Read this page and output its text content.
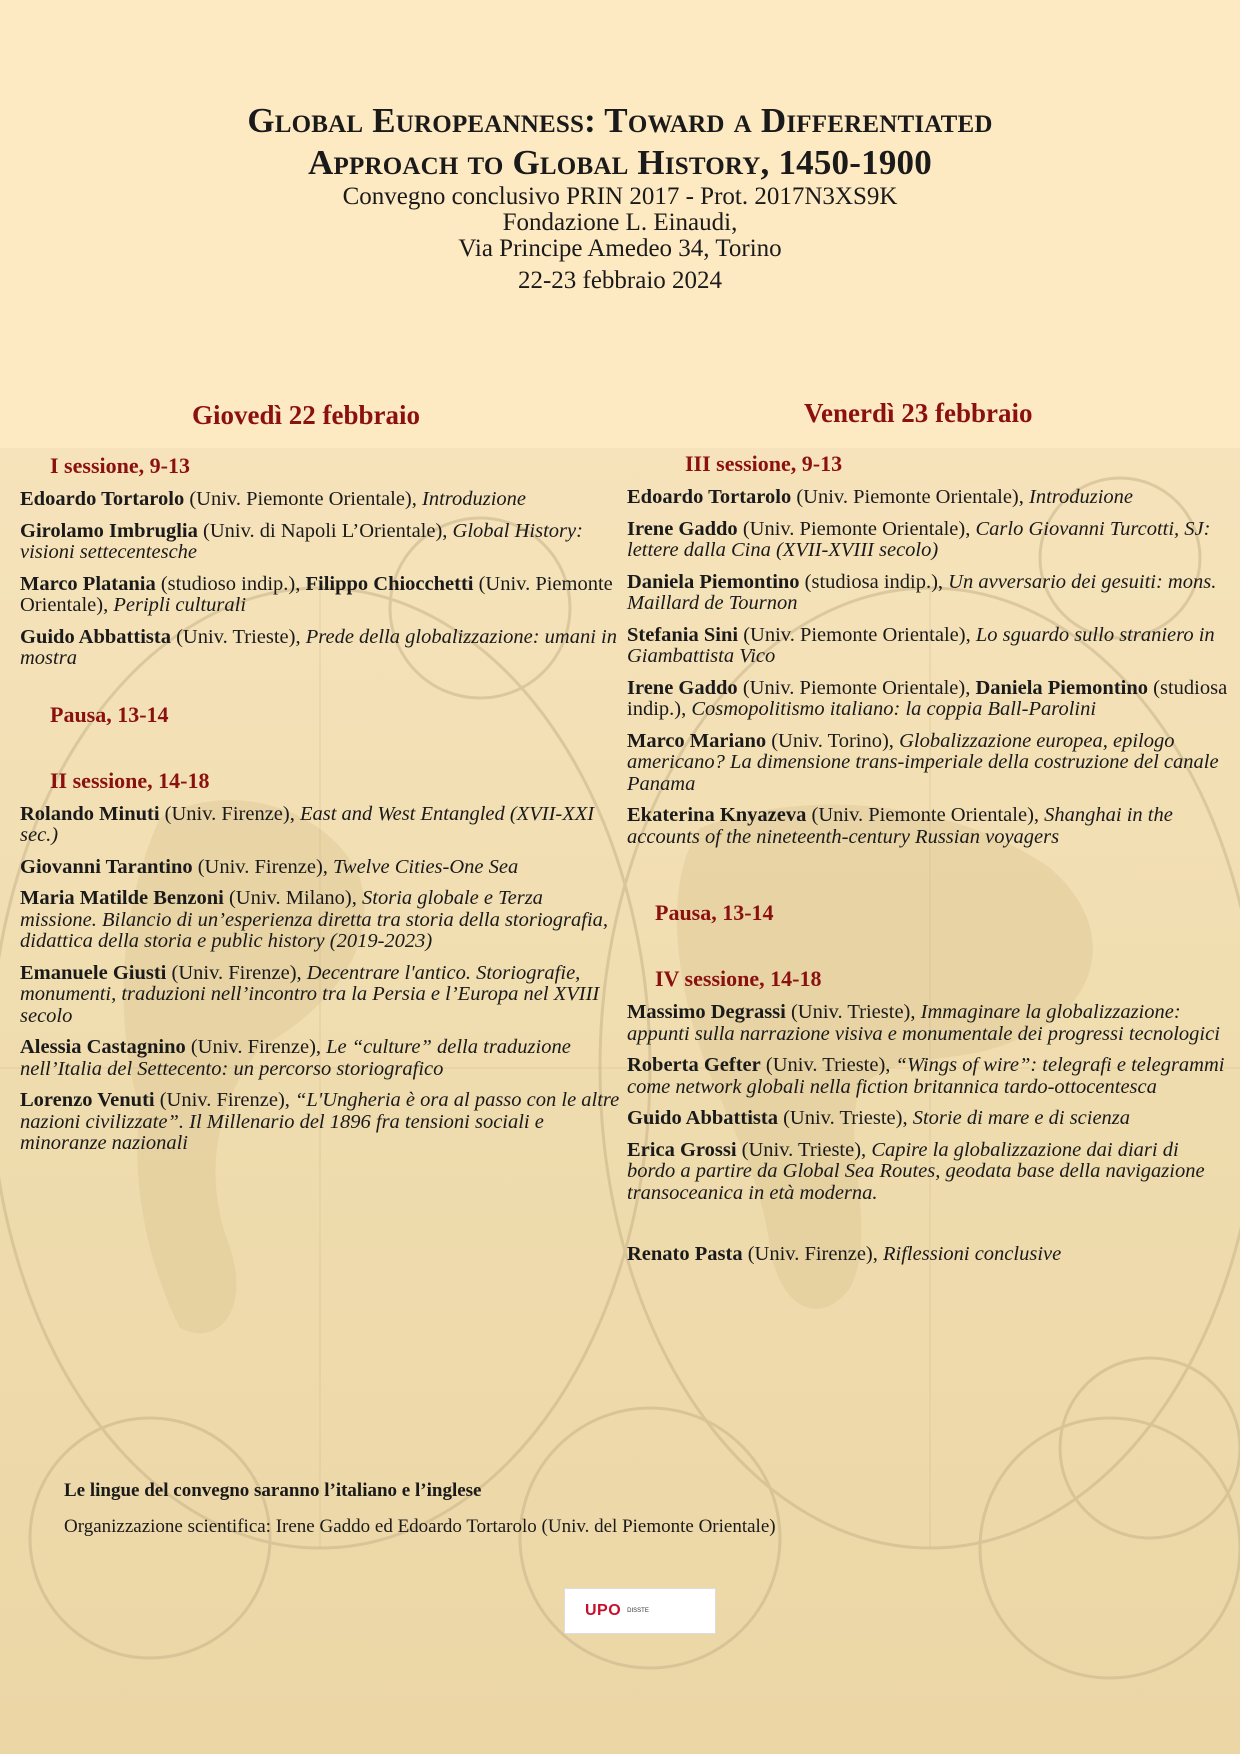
Global Europeanness: Toward a Differentiated
Approach to Global History, 1450-1900
Convegno conclusivo PRIN 2017 - Prot. 2017N3XS9K
Fondazione L. Einaudi,
Via Principe Amedeo 34, Torino
22-23 febbraio 2024
Giovedì 22 febbraio	Venerdì 23 febbraio
I sessione, 9-13
Edoardo Tortarolo (Univ. Piemonte Orientale), Introduzione
Girolamo Imbruglia (Univ. di Napoli L’Orientale), Global History: visioni settecentesche
Marco Platania (studioso indip.), Filippo Chiocchetti (Univ. Piemonte Orientale), Peripli culturali
Guido Abbattista (Univ. Trieste), Prede della globalizzazione: umani in mostra
Pausa, 13-14
II sessione, 14-18
Rolando Minuti (Univ. Firenze), East and West Entangled (XVII-XXI sec.)
Giovanni Tarantino (Univ. Firenze), Twelve Cities-One Sea
Maria Matilde Benzoni (Univ. Milano), Storia globale e Terza missione. Bilancio di un’esperienza diretta tra storia della storiografia, didattica della storia e public history (2019-2023)
Emanuele Giusti (Univ. Firenze), Decentrare l'antico. Storiografie, monumenti, traduzioni nell’incontro tra la Persia e l’Europa nel XVIII secolo
Alessia Castagnino (Univ. Firenze), Le “culture” della traduzione nell’Italia del Settecento: un percorso storiografico
Lorenzo Venuti (Univ. Firenze), “L'Ungheria è ora al passo con le altre nazioni civilizzate”. Il Millenario del 1896 fra tensioni sociali e minoranze nazionali
III sessione, 9-13
Edoardo Tortarolo (Univ. Piemonte Orientale), Introduzione
Irene Gaddo (Univ. Piemonte Orientale), Carlo Giovanni Turcotti, SJ: lettere dalla Cina (XVII-XVIII secolo)
Daniela Piemontino (studiosa indip.), Un avversario dei gesuiti: mons. Maillard de Tournon
Stefania Sini (Univ. Piemonte Orientale), Lo sguardo sullo straniero in Giambattista Vico
Irene Gaddo (Univ. Piemonte Orientale), Daniela Piemontino (studiosa indip.), Cosmopolitismo italiano: la coppia Ball-Parolini
Marco Mariano (Univ. Torino), Globalizzazione europea, epilogo americano? La dimensione trans-imperiale della costruzione del canale Panama
Ekaterina Knyazeva (Univ. Piemonte Orientale), Shanghai in the accounts of the nineteenth-century Russian voyagers
Pausa, 13-14
IV sessione, 14-18
Massimo Degrassi (Univ. Trieste), Immaginare la globalizzazione: appunti sulla narrazione visiva e monumentale dei progressi tecnologici
Roberta Gefter (Univ. Trieste), “Wings of wire”: telegrafi e telegrammi come network globali nella fiction britannica tardo-ottocentesca
Guido Abbattista (Univ. Trieste), Storie di mare e di scienza
Erica Grossi (Univ. Trieste), Capire la globalizzazione dai diari di bordo a partire da Global Sea Routes, geodata base della navigazione transoceanica in età moderna.
Renato Pasta (Univ. Firenze), Riflessioni conclusive
Le lingue del convegno saranno l’italiano e l’inglese
Organizzazione scientifica: Irene Gaddo ed Edoardo Tortarolo (Univ. del Piemonte Orientale)
UPO DISSTE
